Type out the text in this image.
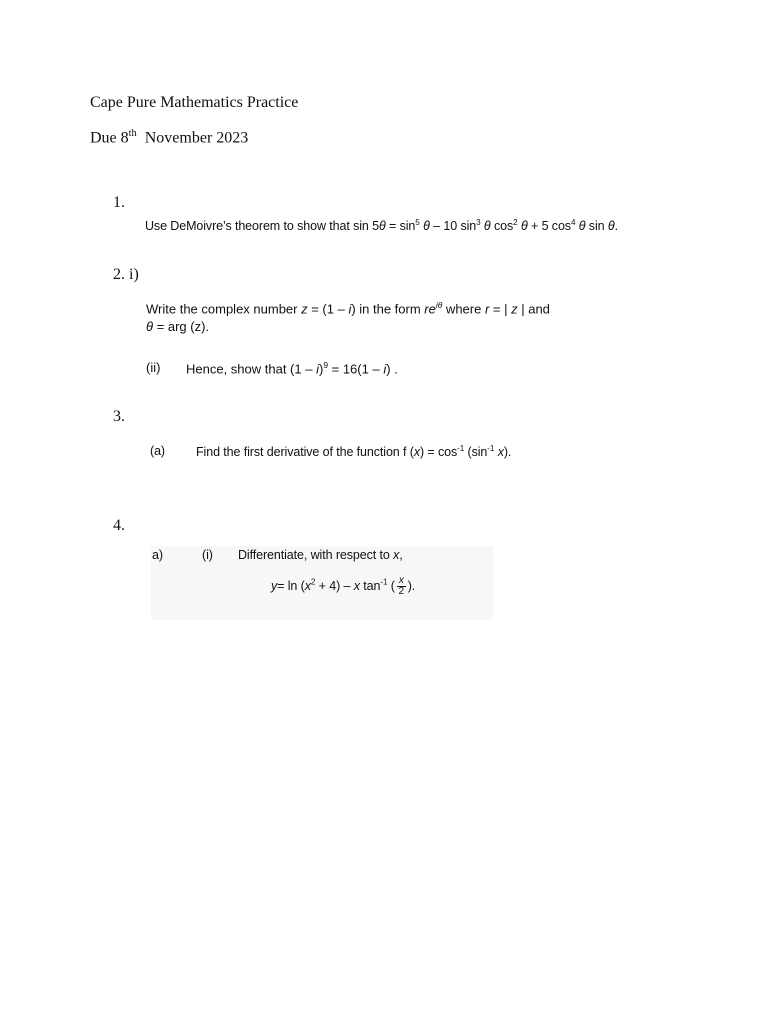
Cape Pure Mathematics Practice
Due 8th November 2023
1.
Use DeMoivre’s theorem to show that $\sin 5\theta = \sin^5 \theta - 10$ $\sin^3 \theta$ $\cos^2 \theta + 5$ $\cos^4 \theta$ sin θ.
2. i)
Write the complex number z = (1 – i) in the form $re^{i\theta}$ where r = | z | and
θ = arg (z).
(ii) Hence, show that (1 – i)$^9$ = 16(1 – i) .
3.
(a) Find the first derivative of the function f $(x) = \cos^{-1} (\sin^{-1}$ x).
4.
a)	(i) Differentiate, with respect to x,
$y= \ln (x^2 + 4) - x$ $\tan^{-1}$ ( $\frac{x}{2}$ ).
